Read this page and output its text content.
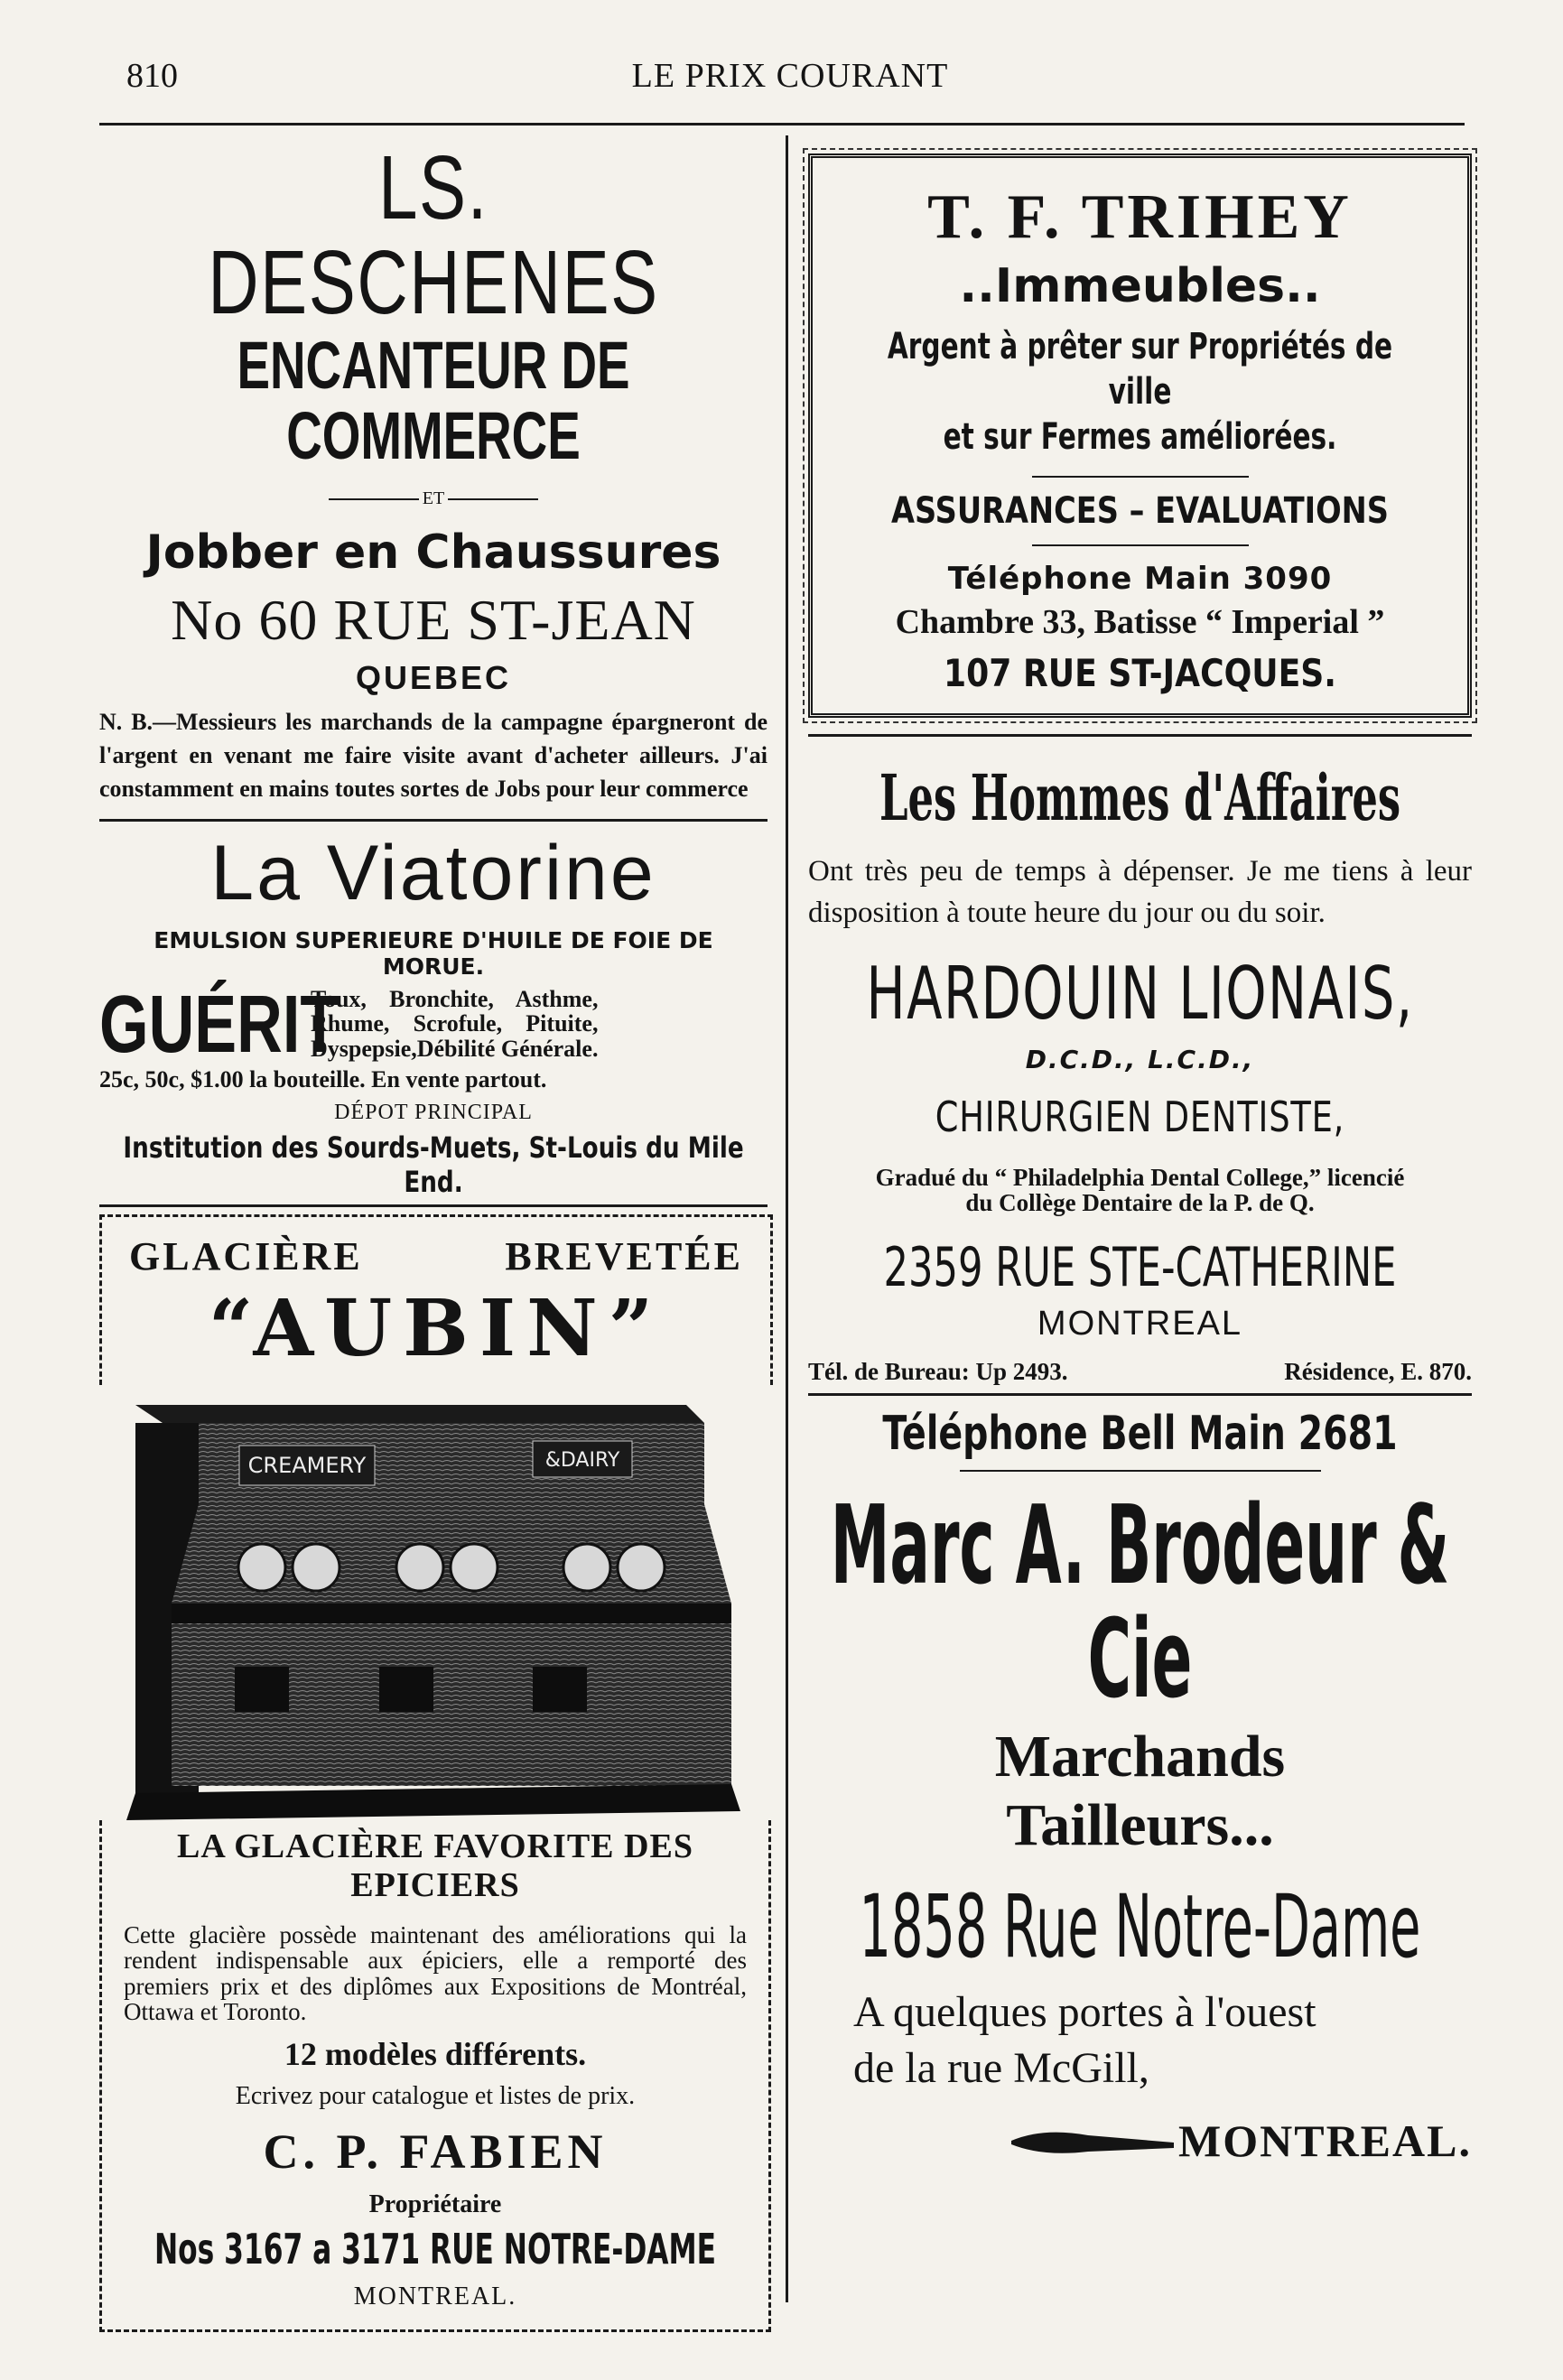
810	LE PRIX COURANT
LS. DESCHENES
ENCANTEUR DE COMMERCE
ET
Jobber en Chaussures
No 60 RUE ST-JEAN
QUEBEC
N. B.—Messieurs les marchands de la campagne épargneront de l'argent en venant me faire visite avant d'acheter ailleurs. J'ai constamment en mains toutes sortes de Jobs pour leur commerce
La Viatorine
EMULSION SUPERIEURE D'HUILE DE FOIE DE MORUE.
GUÉRIT
Toux, Bronchite, Asthme,
Rhume, Scrofule, Pituite,
Dyspepsie,Débilité Générale.
25c, 50c, $1.00 la bouteille. En vente partout.
DÉPOT PRINCIPAL
Institution des Sourds-Muets, St-Louis du Mile End.
GLACIÈRE	BREVETÉE
“AUBIN”
CREAMERY	&DAIRY
LA GLACIÈRE FAVORITE DES EPICIERS
Cette glacière possède maintenant des améliorations qui la rendent indispensable aux épiciers, elle a remporté des premiers prix et des diplômes aux Expositions de Montréal, Ottawa et Toronto.
12 modèles différents.
Ecrivez pour catalogue et listes de prix.
C. P. FABIEN
Propriétaire
Nos 3167 a 3171 RUE NOTRE-DAME
MONTREAL.
T. F. TRIHEY
..Immeubles..
Argent à prêter sur Propriétés de ville
et sur Fermes améliorées.
ASSURANCES – EVALUATIONS
Téléphone Main 3090
Chambre 33, Batisse “ Imperial ”
107 RUE ST-JACQUES.
Les Hommes d'Affaires
Ont très peu de temps à dépenser. Je me tiens à leur disposition à toute heure du jour ou du soir.
HARDOUIN LIONAIS,
D.C.D., L.C.D.,
CHIRURGIEN DENTISTE,
Gradué du “ Philadelphia Dental College,” licencié
du Collège Dentaire de la P. de Q.
2359 RUE STE-CATHERINE
MONTREAL
Tél. de Bureau: Up 2493.	Résidence, E. 870.
Téléphone Bell Main 2681
Marc A. Brodeur & Cie
Marchands
Tailleurs...
1858 Rue Notre-Dame
A quelques portes à l'ouest
de la rue McGill,
MONTREAL.
